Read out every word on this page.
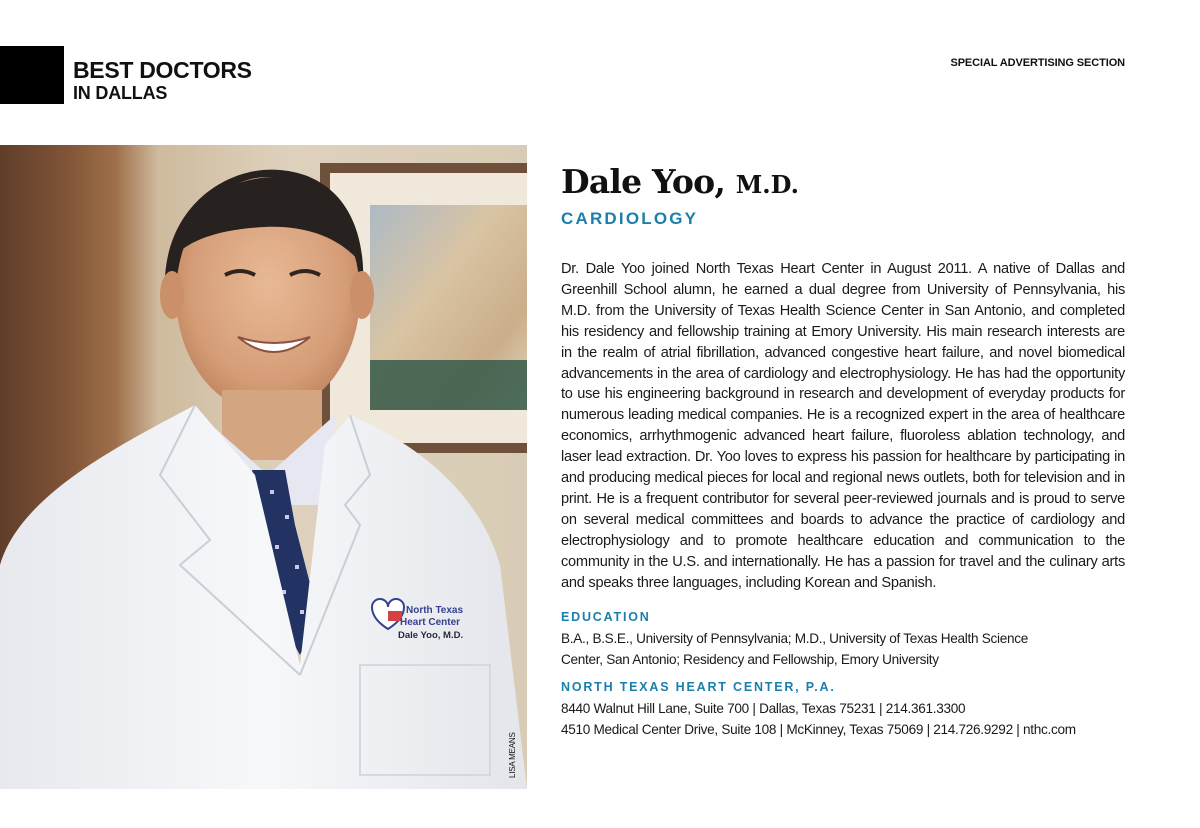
BEST DOCTORS
IN DALLAS
SPECIAL ADVERTISING SECTION
North Texas
Heart Center
Dale Yoo, M.D.
LISA MEANS
Dale Yoo, M.D.
CARDIOLOGY

Dr. Dale Yoo joined North Texas Heart Center in August 2011. A native of Dallas and Greenhill School alumn, he earned a dual degree from University of Pennsylvania, his M.D. from the University of Texas Health Science Center in San Antonio, and completed his residency and fellowship training at Emory University. His main research interests are in the realm of atrial fibrillation, advanced congestive heart failure, and novel biomedical advancements in the area of cardiology and electrophysiology. He has had the opportunity to use his engineering background in research and development of everyday products for numerous leading medical companies. He is a recognized expert in the area of healthcare economics, arrhythmogenic advanced heart failure, fluoroless ablation technology, and laser lead extraction. Dr. Yoo loves to express his passion for healthcare by participating in and producing medical pieces for local and regional news outlets, both for television and in print. He is a frequent contributor for several peer-reviewed journals and is proud to serve on several medical committees and boards to advance the practice of cardiology and electrophysiology and to promote healthcare education and communication to the community in the U.S. and internationally. He has a passion for travel and the culinary arts and speaks three languages, including Korean and Spanish.

EDUCATION
B.A., B.S.E., University of Pennsylvania; M.D., University of Texas Health Science
Center, San Antonio; Residency and Fellowship, Emory University
NORTH TEXAS HEART CENTER, P.A.
8440 Walnut Hill Lane, Suite 700 | Dallas, Texas 75231 | 214.361.3300
4510 Medical Center Drive, Suite 108 | McKinney, Texas 75069 | 214.726.9292 | nthc.com
